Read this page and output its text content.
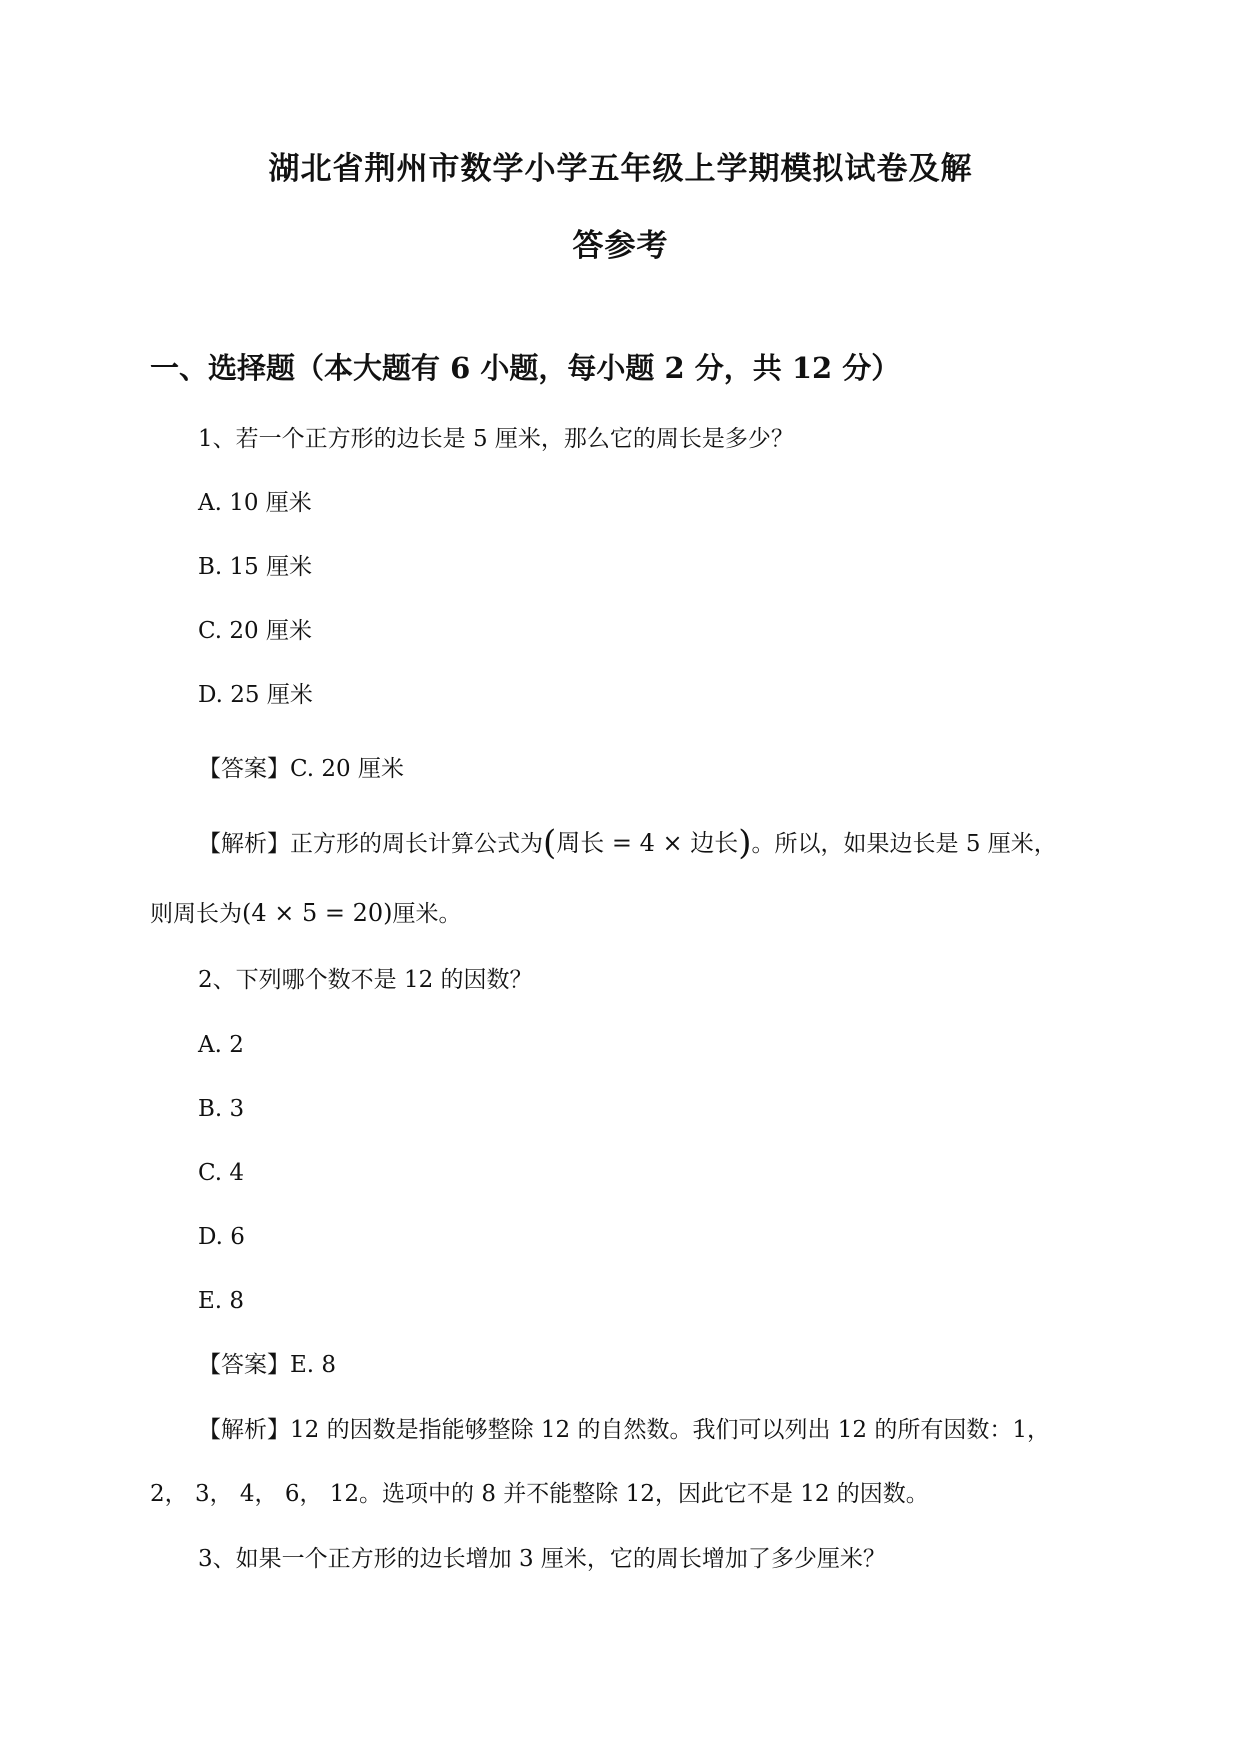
湖北省荆州市数学小学五年级上学期模拟试卷及解
答参考
一、选择题（本大题有 6 小题，每小题 2 分，共 12 分）
1、若一个正方形的边长是 5 厘米，那么它的周长是多少？
A. 10 厘米
B. 15 厘米
C. 20 厘米
D. 25 厘米
【答案】C. 20 厘米
【解析】正方形的周长计算公式为(周长 = 4 × 边长)。所以，如果边长是 5 厘米，
则周长为(4 × 5 = 20)厘米。
2、下列哪个数不是 12 的因数？
A. 2
B. 3
C. 4
D. 6
E. 8
【答案】E. 8
【解析】12 的因数是指能够整除 12 的自然数。我们可以列出 12 的所有因数：1，
2， 3， 4， 6， 12。选项中的 8 并不能整除 12，因此它不是 12 的因数。
3、如果一个正方形的边长增加 3 厘米，它的周长增加了多少厘米？
